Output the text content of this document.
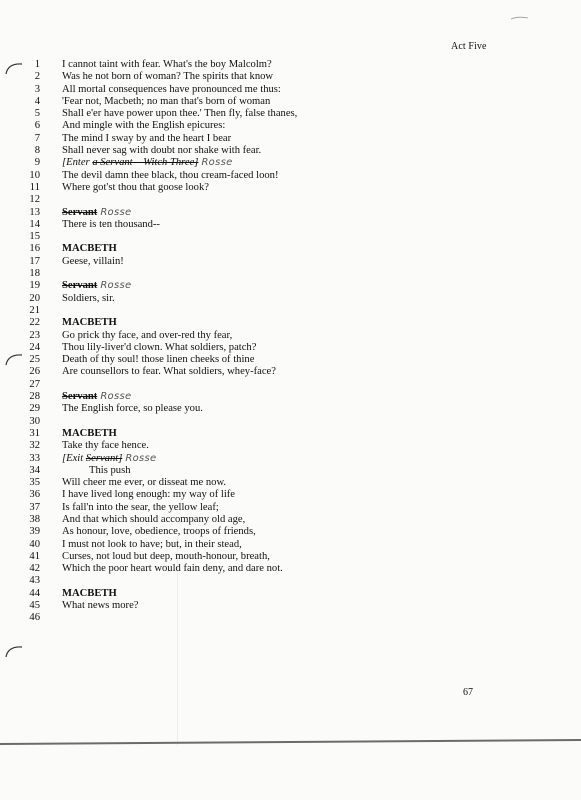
Act Five
1 I cannot taint with fear. What's the boy Malcolm?
2 Was he not born of woman? The spirits that know
3 All mortal consequences have pronounced me thus:
4 'Fear not, Macbeth; no man that's born of woman
5 Shall e'er have power upon thee.' Then fly, false thanes,
6 And mingle with the English epicures:
7 The mind I sway by and the heart I bear
8 Shall never sag with doubt nor shake with fear.
9 [Enter a Servant – Witch Three] Rosse
10 The devil damn thee black, thou cream-faced loon!
11 Where got'st thou that goose look?
12
13 Servant Rosse
14 There is ten thousand--
15
16 MACBETH
17 Geese, villain!
18
19 Servant Rosse
20 Soldiers, sir.
21
22 MACBETH
23 Go prick thy face, and over-red thy fear,
24 Thou lily-liver'd clown. What soldiers, patch?
25 Death of thy soul! those linen cheeks of thine
26 Are counsellors to fear. What soldiers, whey-face?
27
28 Servant Rosse
29 The English force, so please you.
30
31 MACBETH
32 Take thy face hence.
33 [Exit Servant] Rosse
34	This push
35 Will cheer me ever, or disseat me now.
36 I have lived long enough: my way of life
37 Is fall'n into the sear, the yellow leaf;
38 And that which should accompany old age,
39 As honour, love, obedience, troops of friends,
40 I must not look to have; but, in their stead,
41 Curses, not loud but deep, mouth-honour, breath,
42 Which the poor heart would fain deny, and dare not.
43
44 MACBETH
45 What news more?
46
67
